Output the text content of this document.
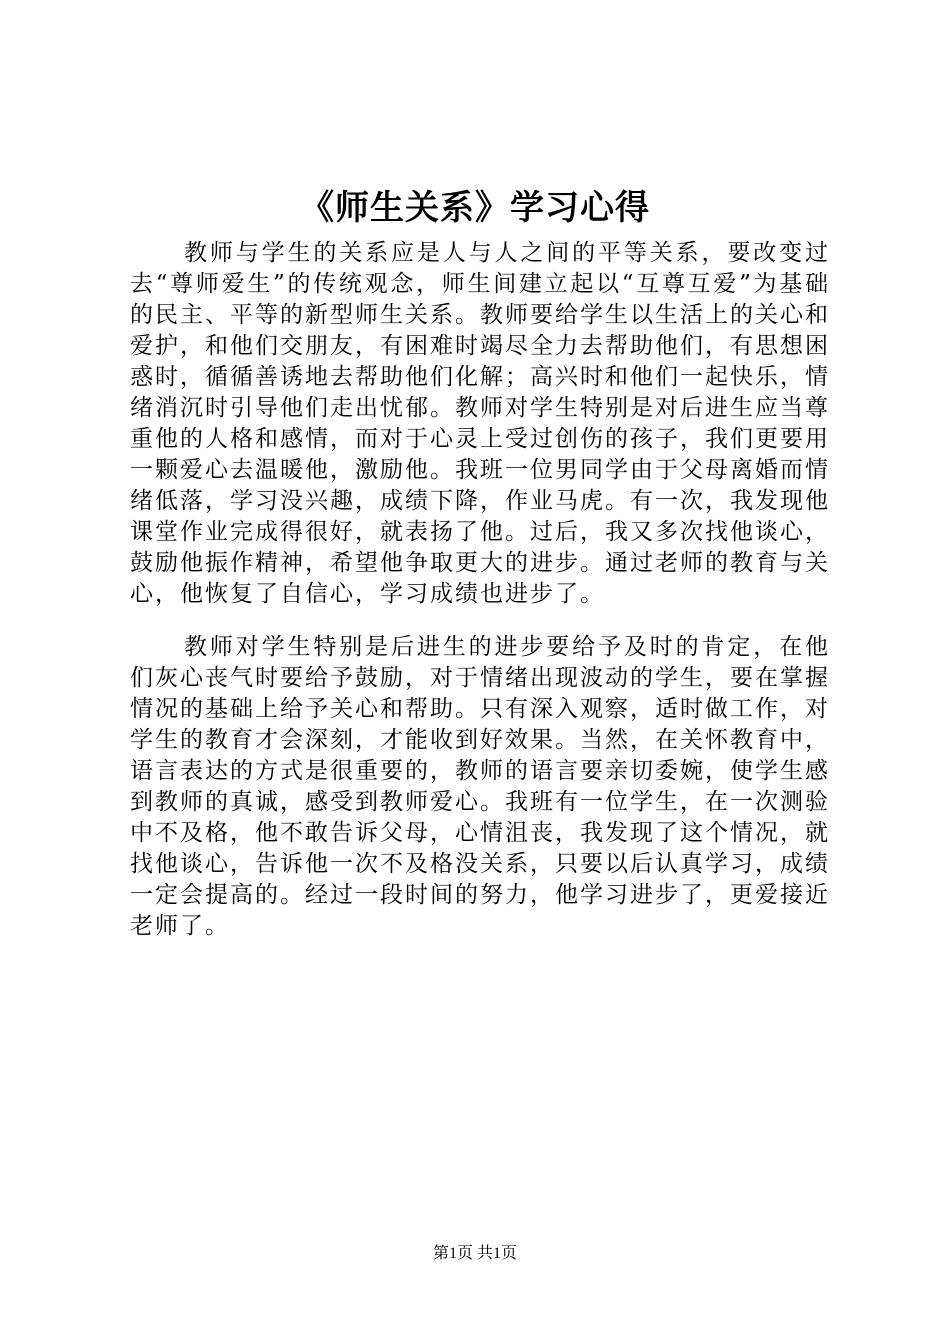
《师生关系》学习心得

教师与学生的关系应是人与人之间的平等关系，要改变过去“尊师爱生”的传统观念，师生间建立起以“互尊互爱”为基础的民主、平等的新型师生关系。教师要给学生以生活上的关心和爱护，和他们交朋友，有困难时竭尽全力去帮助他们，有思想困惑时，循循善诱地去帮助他们化解；高兴时和他们一起快乐，情绪消沉时引导他们走出忧郁。教师对学生特别是对后进生应当尊重他的人格和感情，而对于心灵上受过创伤的孩子，我们更要用一颗爱心去温暖他，激励他。我班一位男同学由于父母离婚而情绪低落，学习没兴趣，成绩下降，作业马虎。有一次，我发现他课堂作业完成得很好，就表扬了他。过后，我又多次找他谈心，鼓励他振作精神，希望他争取更大的进步。通过老师的教育与关心，他恢复了自信心，学习成绩也进步了。

教师对学生特别是后进生的进步要给予及时的肯定，在他们灰心丧气时要给予鼓励，对于情绪出现波动的学生，要在掌握情况的基础上给予关心和帮助。只有深入观察，适时做工作，对学生的教育才会深刻，才能收到好效果。当然，在关怀教育中，语言表达的方式是很重要的，教师的语言要亲切委婉，使学生感到教师的真诚，感受到教师爱心。我班有一位学生，在一次测验中不及格，他不敢告诉父母，心情沮丧，我发现了这个情况，就找他谈心，告诉他一次不及格没关系，只要以后认真学习，成绩一定会提高的。经过一段时间的努力，他学习进步了，更爱接近老师了。

第1页 共1页
